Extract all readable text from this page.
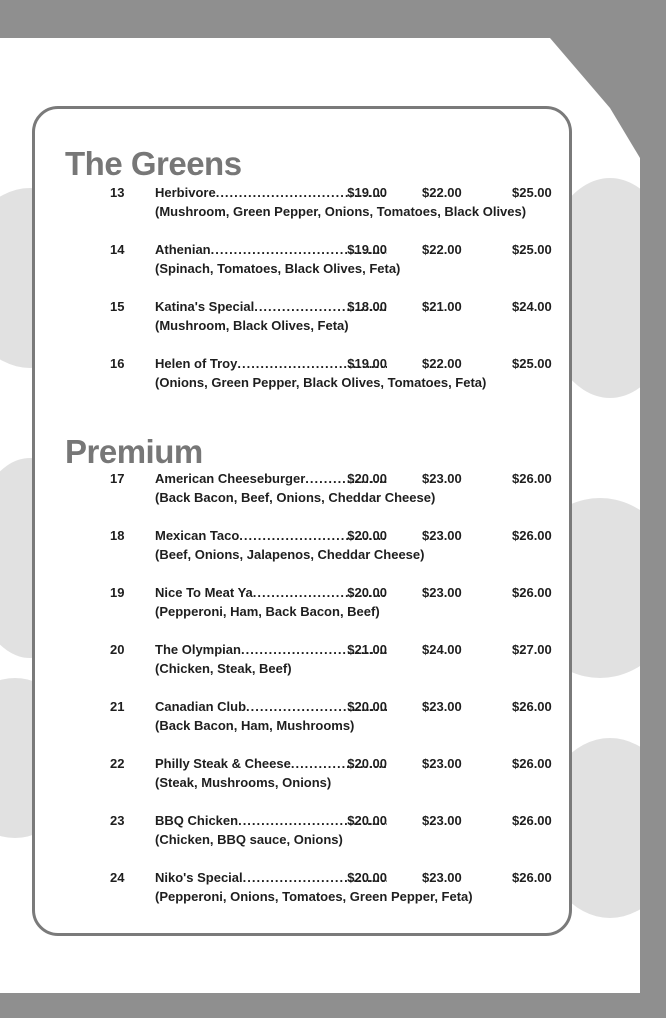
The Greens
13 Herbivore .....	$19.00	$22.00	$25.00
(Mushroom, Green Pepper, Onions, Tomatoes, Black Olives)
14 Athenian .....	$19.00	$22.00	$25.00
(Spinach, Tomatoes, Black Olives, Feta)
15 Katina's Special .....	$18.00	$21.00	$24.00
(Mushroom, Black Olives, Feta)
16 Helen of Troy .....	$19.00	$22.00	$25.00
(Onions, Green Pepper, Black Olives, Tomatoes, Feta)
Premium
17 American Cheeseburger .....	$20.00	$23.00	$26.00
(Back Bacon, Beef, Onions, Cheddar Cheese)
18 Mexican Taco .....	$20.00	$23.00	$26.00
(Beef, Onions, Jalapenos, Cheddar Cheese)
19 Nice To Meat Ya .....	$20.00	$23.00	$26.00
(Pepperoni, Ham, Back Bacon, Beef)
20 The Olympian .....	$21.00	$24.00	$27.00
(Chicken, Steak, Beef)
21 Canadian Club .....	$20.00	$23.00	$26.00
(Back Bacon, Ham, Mushrooms)
22 Philly Steak & Cheese .....	$20.00	$23.00	$26.00
(Steak, Mushrooms, Onions)
23 BBQ Chicken .....	$20.00	$23.00	$26.00
(Chicken, BBQ sauce, Onions)
24 Niko's Special .....	$20.00	$23.00	$26.00
(Pepperoni, Onions, Tomatoes, Green Pepper, Feta)
